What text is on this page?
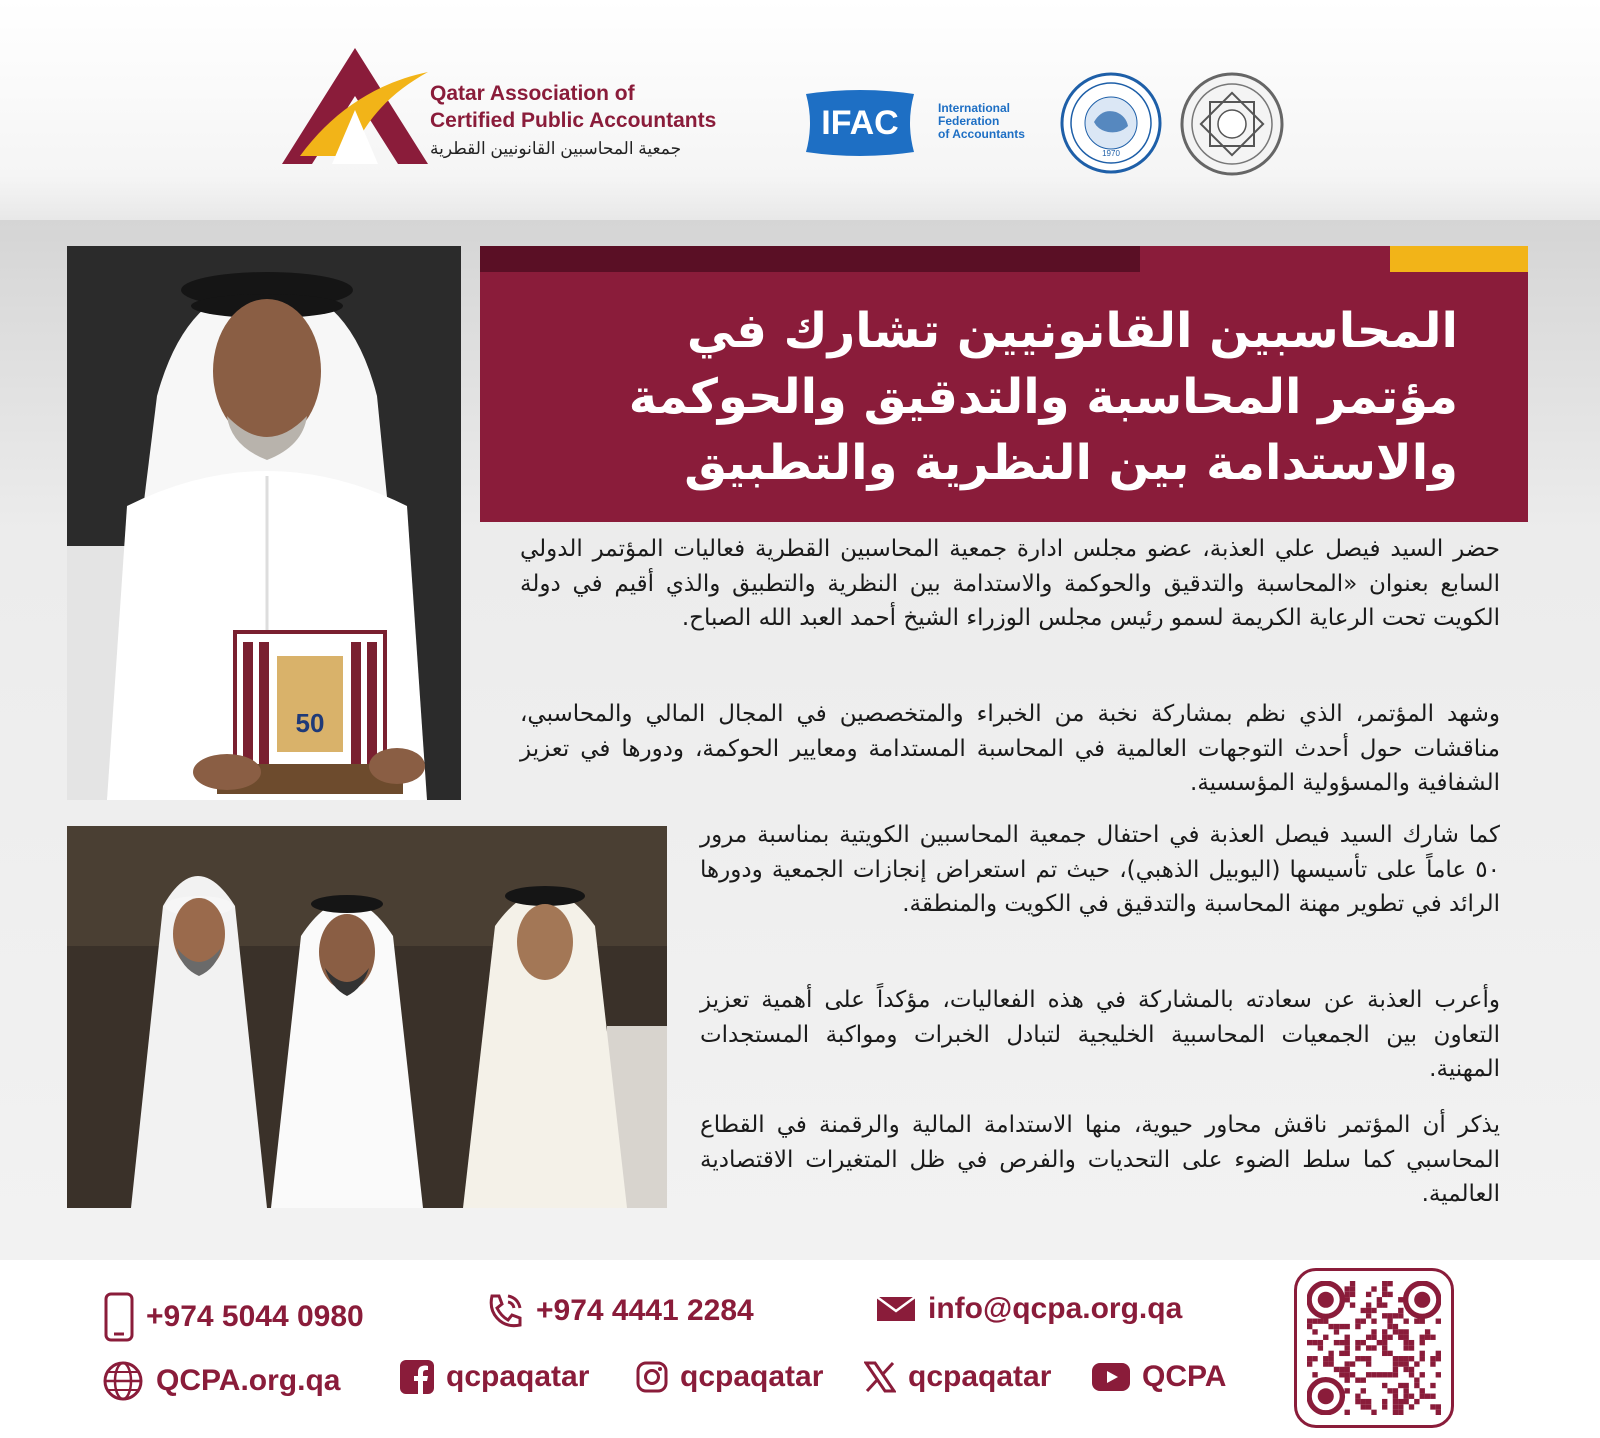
Qatar Association of
Certified Public Accountants
جمعية المحاسبين القانونيين القطرية
IFAC	International
Federation
of Accountants
1970
50
المحاسبين القانونيين تشارك في
مؤتمر المحاسبة والتدقيق والحوكمة
والاستدامة بين النظرية والتطبيق

حضر السيد فيصل علي العذبة، عضو مجلس ادارة جمعية المحاسبين القطرية فعاليات المؤتمر الدولي السابع بعنوان «المحاسبة والتدقيق والحوكمة والاستدامة بين النظرية والتطبيق والذي أقيم في دولة الكويت تحت الرعاية الكريمة لسمو رئيس مجلس الوزراء الشيخ أحمد العبد الله الصباح.

وشهد المؤتمر، الذي نظم بمشاركة نخبة من الخبراء والمتخصصين في المجال المالي والمحاسبي، مناقشات حول أحدث التوجهات العالمية في المحاسبة المستدامة ومعايير الحوكمة، ودورها في تعزيز الشفافية والمسؤولية المؤسسية.

كما شارك السيد فيصل العذبة في احتفال جمعية المحاسبين الكويتية بمناسبة مرور ٥٠ عاماً على تأسيسها (اليوبيل الذهبي)، حيث تم استعراض إنجازات الجمعية ودورها الرائد في تطوير مهنة المحاسبة والتدقيق في الكويت والمنطقة.

وأعرب العذبة عن سعادته بالمشاركة في هذه الفعاليات، مؤكداً على أهمية تعزيز التعاون بين الجمعيات المحاسبية الخليجية لتبادل الخبرات ومواكبة المستجدات المهنية.

يذكر أن المؤتمر ناقش محاور حيوية، منها الاستدامة المالية والرقمنة في القطاع المحاسبي كما سلط الضوء على التحديات والفرص في ظل المتغيرات الاقتصادية العالمية.

+974 5044 0980	+974 4441 2284	info@qcpa.org.qa
QCPA.org.qa	qcpaqatar	qcpaqatar	qcpaqatar	QCPA
